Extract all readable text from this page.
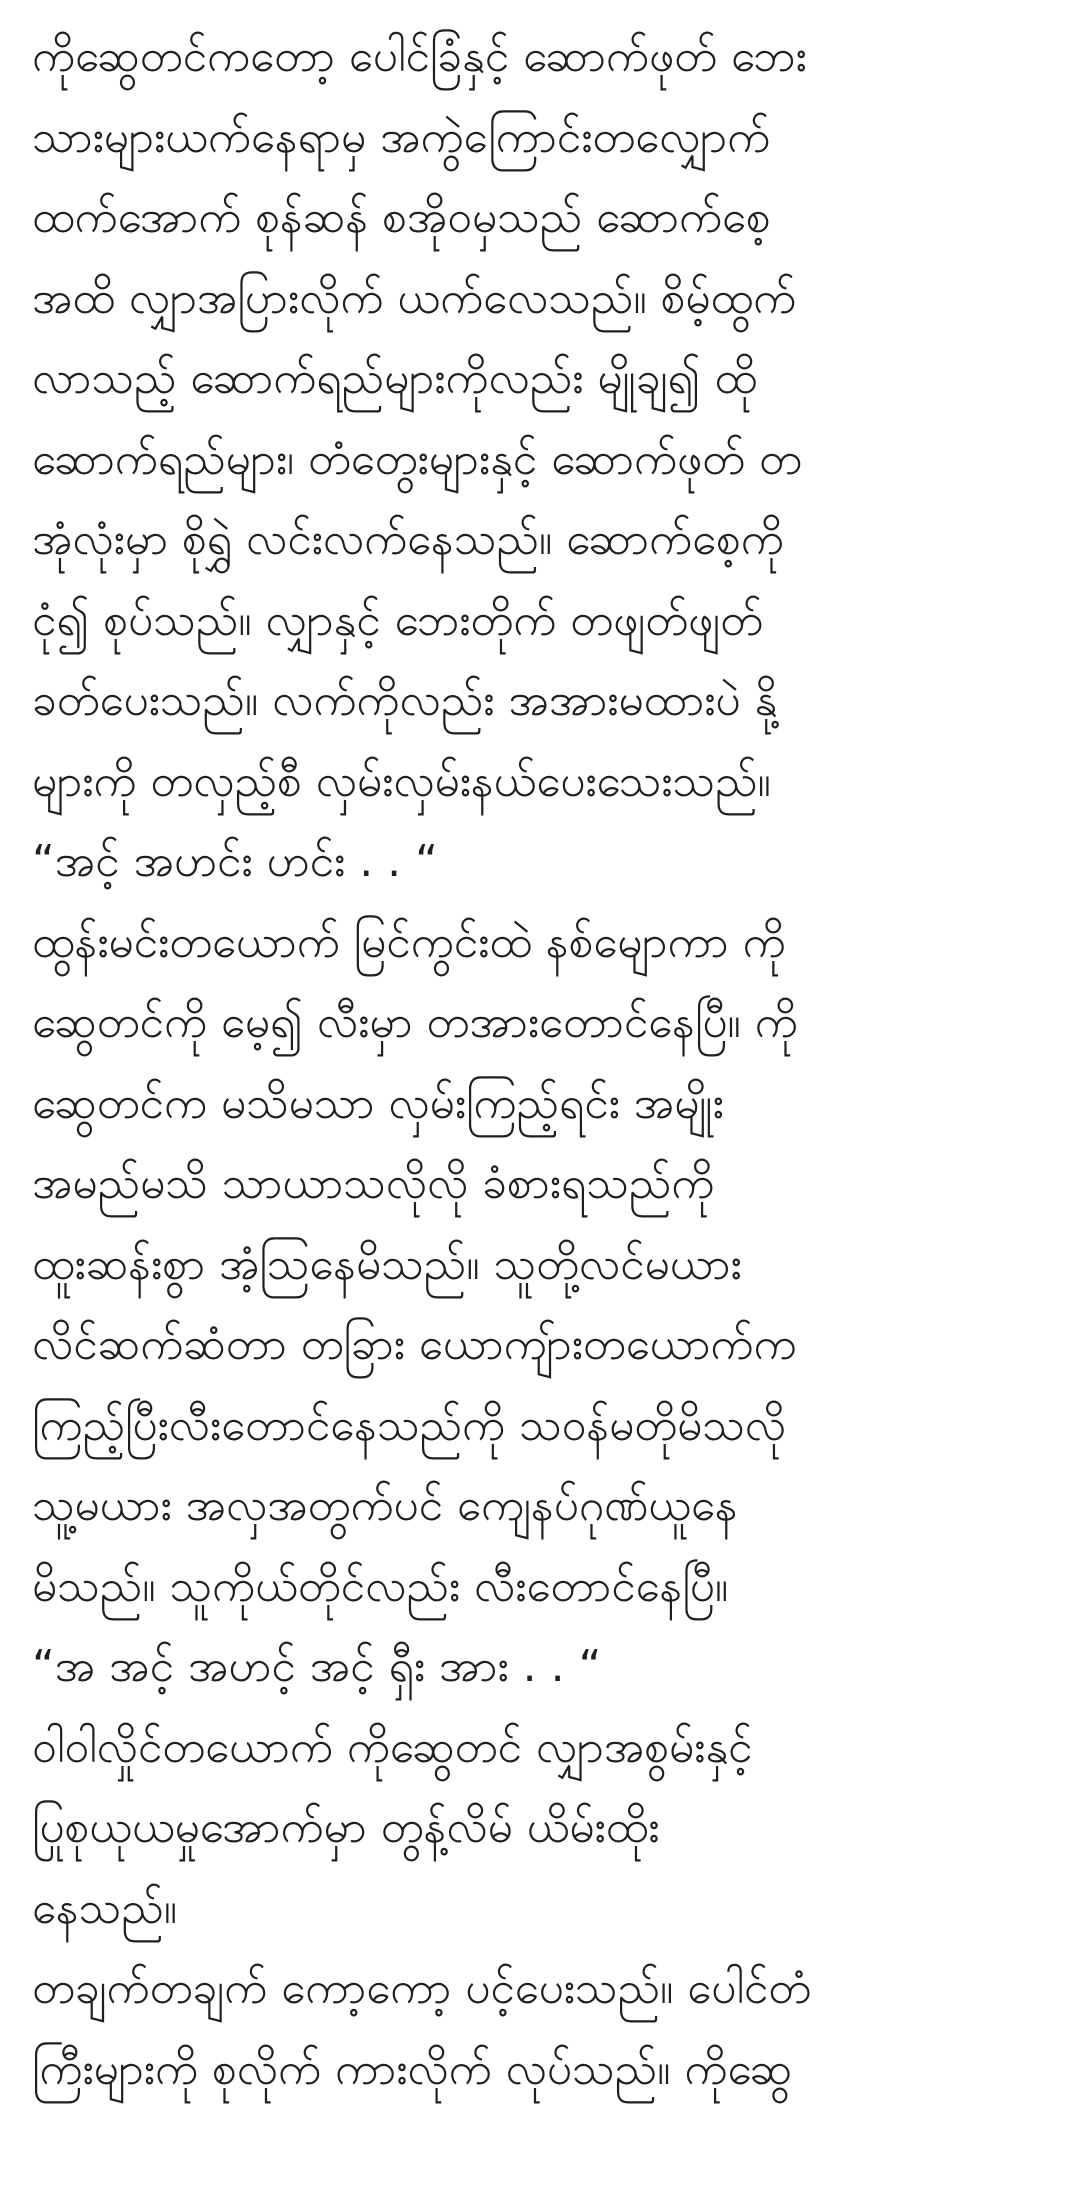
ကိုဆွေတင်ကတော့ ပေါင်ခြံနှင့် ဆောက်ဖုတ် ဘေး
သားများယက်နေရာမှ အကွဲကြောင်းတလျှောက်
ထက်အောက် စုန်ဆန် စအိုဝမှသည် ဆောက်စေ့
အထိ လျှာအပြားလိုက် ယက်လေသည်။ စိမ့်ထွက်
လာသည့် ဆောက်ရည်များကိုလည်း မျိုချ၍ ထို
ဆောက်ရည်များ၊ တံတွေးများနှင့် ဆောက်ဖုတ် တ
အုံလုံးမှာ စိုရွှဲ လင်းလက်နေသည်။ ဆောက်စေ့ကို
ငုံ၍ စုပ်သည်။ လျှာနှင့် ဘေးတိုက် တဖျတ်ဖျတ်
ခတ်ပေးသည်။ လက်ကိုလည်း အအားမထားပဲ နို့
များကို တလှည့်စီ လှမ်းလှမ်းနယ်ပေးသေးသည်။
“အင့် အဟင်း ဟင်း . . “
ထွန်းမင်းတယောက် မြင်ကွင်းထဲ နစ်မျောကာ ကို
ဆွေတင်ကို မေ့၍ လီးမှာ တအားတောင်နေပြီ။ ကို
ဆွေတင်က မသိမသာ လှမ်းကြည့်ရင်း အမျိုး
အမည်မသိ သာယာသလိုလို ခံစားရသည်ကို
ထူးဆန်းစွာ အံ့သြနေမိသည်။ သူတို့လင်မယား
လိင်ဆက်ဆံတာ တခြား ယောကျ်ားတယောက်က
ကြည့်ပြီးလီးတောင်နေသည်ကို သဝန်မတိုမိသလို
သူ့မယား အလှအတွက်ပင် ကျေနပ်ဂုဏ်ယူနေ
မိသည်။ သူကိုယ်တိုင်လည်း လီးတောင်နေပြီ။
“အ အင့် အဟင့် အင့် ရှီး အား . . “
ဝါဝါလှိုင်တယောက် ကိုဆွေတင် လျှာအစွမ်းနှင့်
ပြုစုယုယမှုအောက်မှာ တွန့်လိမ် ယိမ်းထိုး
နေသည်။
တချက်တချက် ကော့ကော့ ပင့်ပေးသည်။ ပေါင်တံ
ကြီးများကို စုလိုက် ကားလိုက် လုပ်သည်။ ကိုဆွေ
